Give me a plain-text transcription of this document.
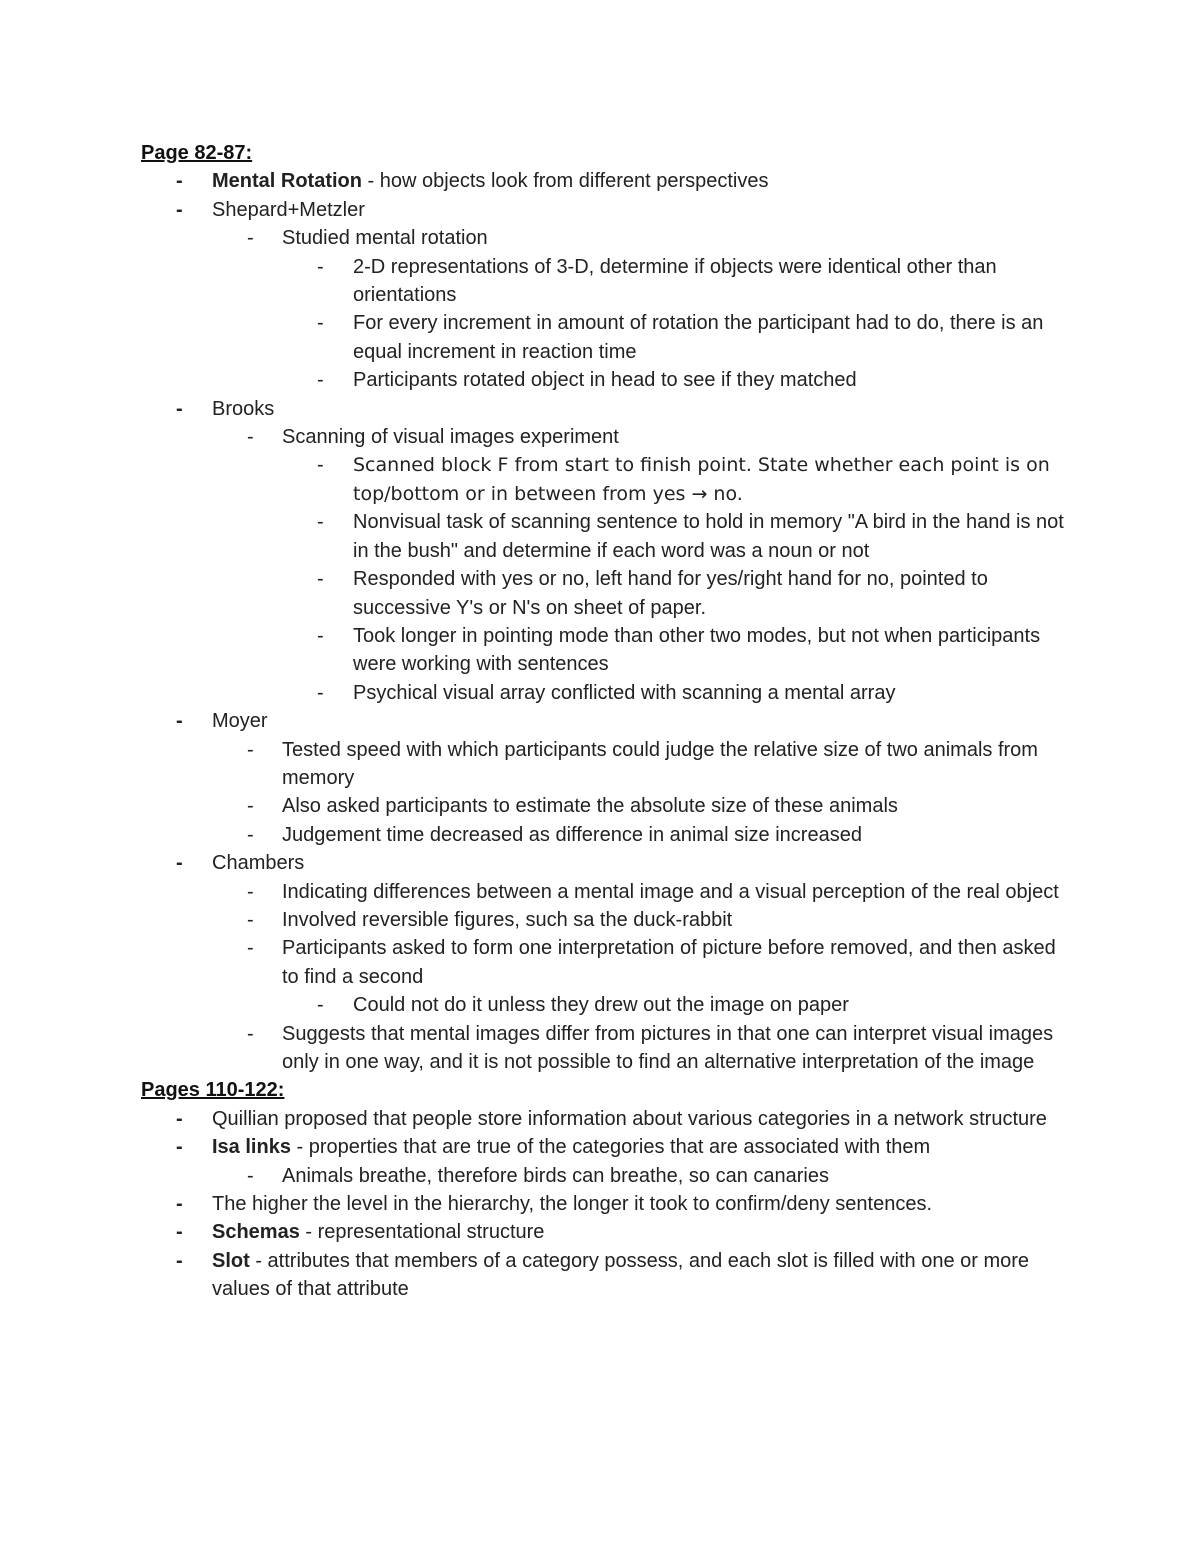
Page 82-87:
- Mental Rotation - how objects look from different perspectives
- Shepard+Metzler
- Studied mental rotation
- 2-D representations of 3-D, determine if objects were identical other than orientations
- For every increment in amount of rotation the participant had to do, there is an equal increment in reaction time
- Participants rotated object in head to see if they matched
- Brooks
- Scanning of visual images experiment
- Scanned block F from start to finish point. State whether each point is on top/bottom or in between from yes → no.
- Nonvisual task of scanning sentence to hold in memory "A bird in the hand is not in the bush" and determine if each word was a noun or not
- Responded with yes or no, left hand for yes/right hand for no, pointed to successive Y's or N's on sheet of paper.
- Took longer in pointing mode than other two modes, but not when participants were working with sentences
- Psychical visual array conflicted with scanning a mental array
- Moyer
- Tested speed with which participants could judge the relative size of two animals from memory
- Also asked participants to estimate the absolute size of these animals
- Judgement time decreased as difference in animal size increased
- Chambers
- Indicating differences between a mental image and a visual perception of the real object
- Involved reversible figures, such sa the duck-rabbit
- Participants asked to form one interpretation of picture before removed, and then asked to find a second
- Could not do it unless they drew out the image on paper
- Suggests that mental images differ from pictures in that one can interpret visual images only in one way, and it is not possible to find an alternative interpretation of the image
Pages 110-122:
- Quillian proposed that people store information about various categories in a network structure
- Isa links - properties that are true of the categories that are associated with them
- Animals breathe, therefore birds can breathe, so can canaries
- The higher the level in the hierarchy, the longer it took to confirm/deny sentences.
- Schemas - representational structure
- Slot - attributes that members of a category possess, and each slot is filled with one or more values of that attribute
